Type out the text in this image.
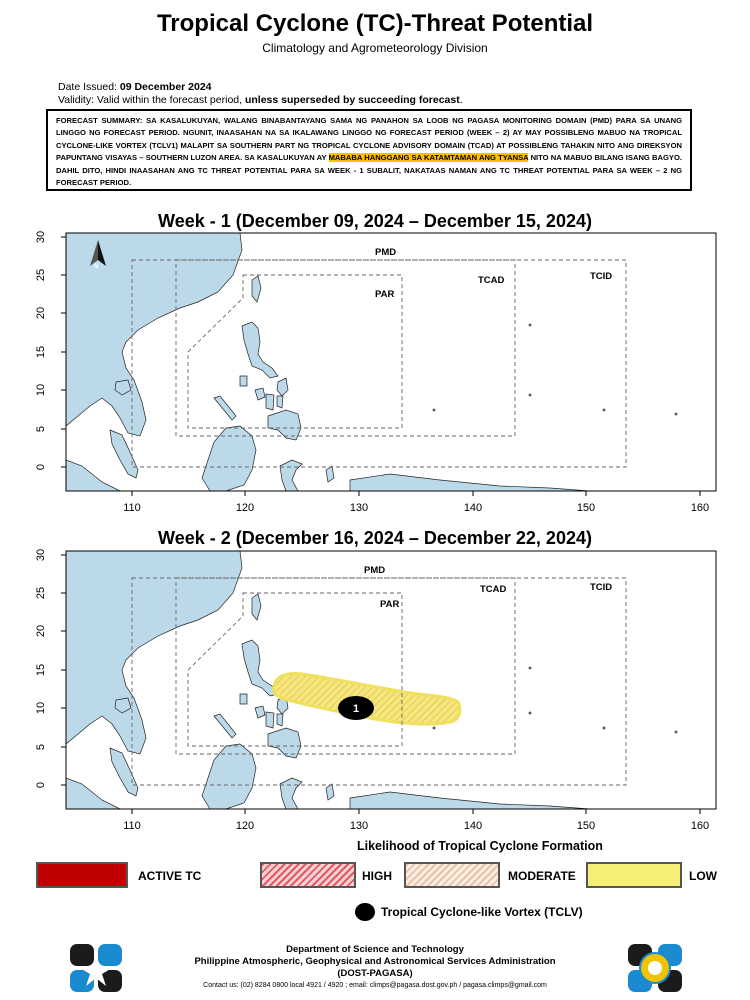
Tropical Cyclone (TC)-Threat Potential
Climatology and Agrometeorology Division
Date Issued: 09 December 2024
Validity: Valid within the forecast period, unless superseded by succeeding forecast.
FORECAST SUMMARY: SA KASALUKUYAN, WALANG BINABANTAYANG SAMA NG PANAHON SA LOOB NG PAGASA MONITORING DOMAIN (PMD) PARA SA UNANG LINGGO NG FORECAST PERIOD. NGUNIT, INAASAHAN NA SA IKALAWANG LINGGO NG FORECAST PERIOD (WEEK – 2) AY MAY POSSIBLENG MABUO NA TROPICAL CYCLONE-LIKE VORTEX (TCLV1) MALAPIT SA SOUTHERN PART NG TROPICAL CYCLONE ADVISORY DOMAIN (TCAD) AT POSSIBLENG TAHAKIN NITO ANG DIREKSYON PAPUNTANG VISAYAS – SOUTHERN LUZON AREA. SA KASALUKUYAN AY MABABA HANGGANG SA KATAMTAMAN ANG TYANSA NITO NA MABUO BILANG ISANG BAGYO. DAHIL DITO, HINDI INAASAHAN ANG TC THREAT POTENTIAL PARA SA WEEK - 1 SUBALIT, NAKATAAS NAMAN ANG TC THREAT POTENTIAL PARA SA WEEK – 2 NG FORECAST PERIOD.
Week - 1 (December 09, 2024 – December 15, 2024)
PMD
PAR
TCAD	TCID
N
110	120	130	140	150	160
0
5
10
15
20
25
30
Week - 2 (December 16, 2024 – December 22, 2024)
PMD
PAR
TCAD	TCID
1
110	120	130	140	150	160
0
5
10
15
20
25
30
Likelihood of Tropical Cyclone Formation
ACTIVE TC	HIGH	MODERATE	LOW
Tropical Cyclone-like Vortex (TCLV)
Department of Science and Technology
Philippine Atmospheric, Geophysical and Astronomical Services Administration
(DOST-PAGASA)
Contact us: (02) 8284 0800 local 4921 / 4920 ; email: climps@pagasa.dost.gov.ph / pagasa.climps@gmail.com
